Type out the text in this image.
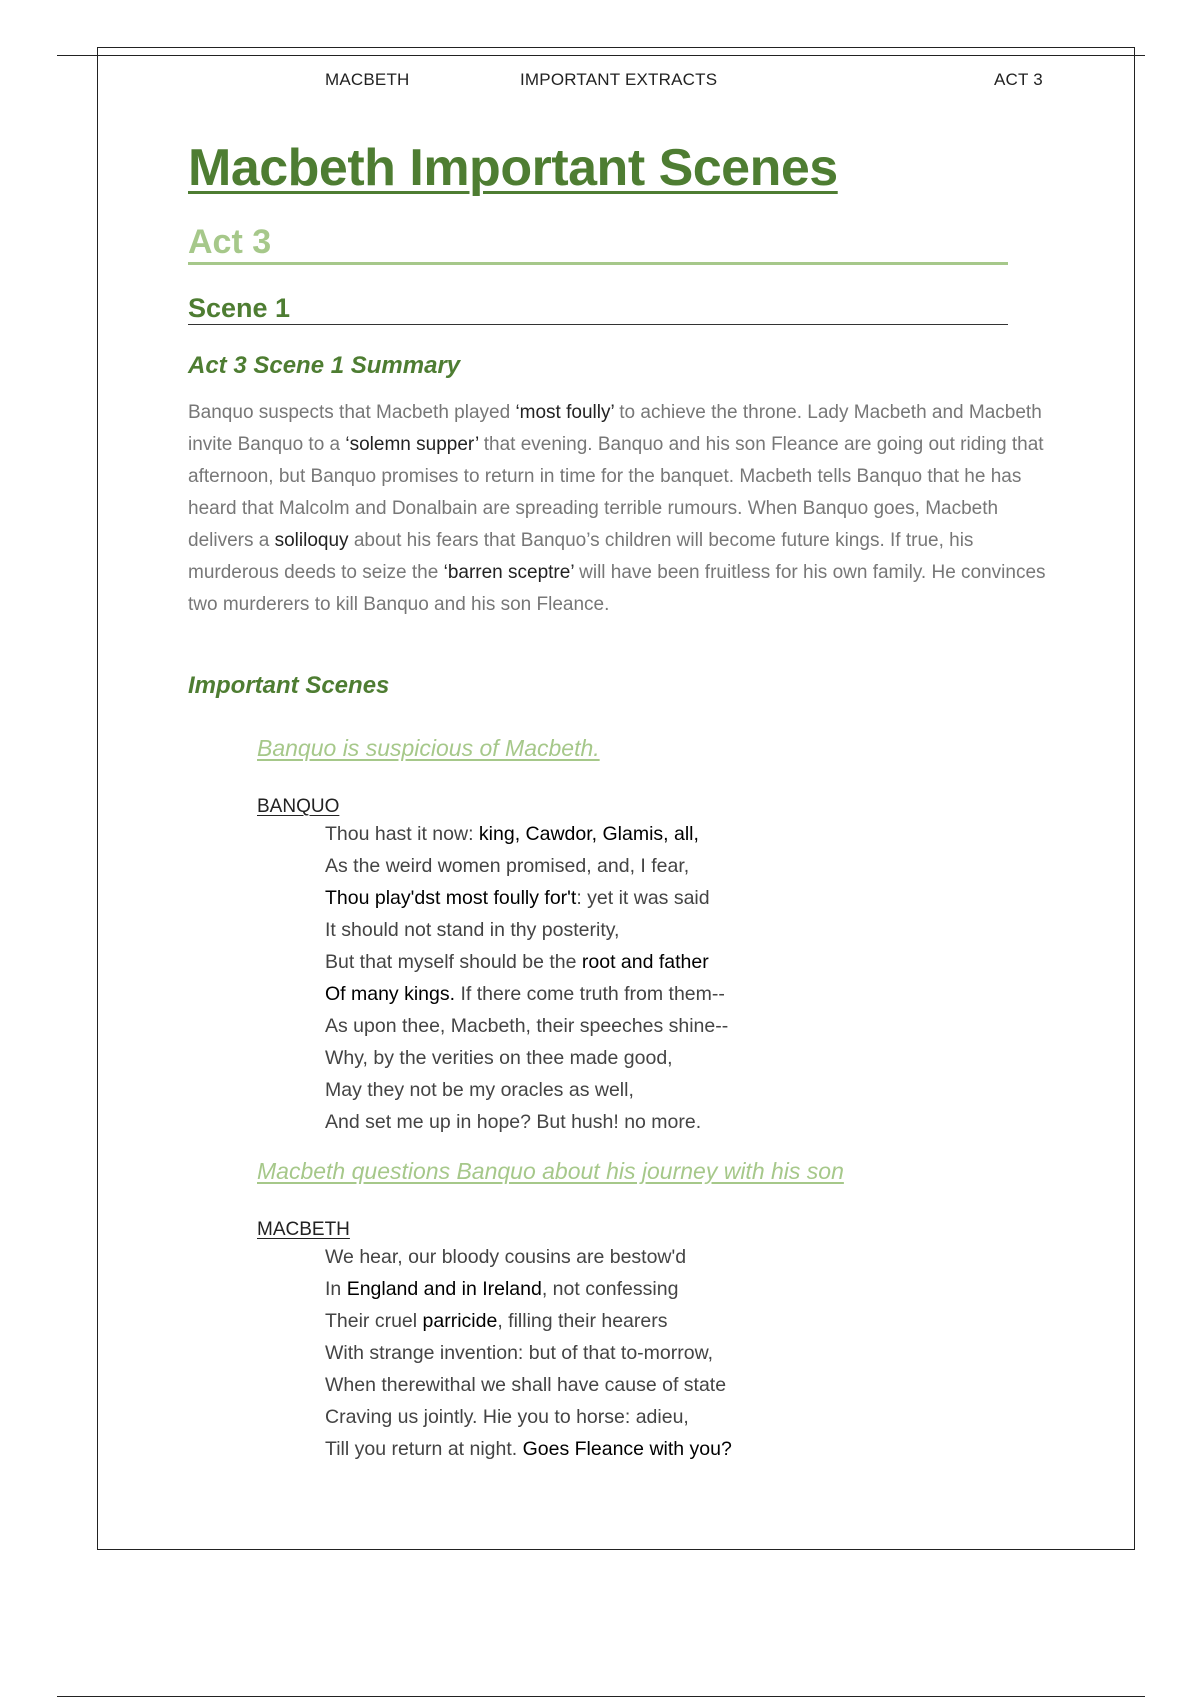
MACBETH	IMPORTANT EXTRACTS	ACT 3
Macbeth Important Scenes
Act 3
Scene 1
Act 3 Scene 1 Summary

Banquo suspects that Macbeth played ‘most foully’ to achieve the throne. Lady Macbeth and Macbeth invite Banquo to a ‘solemn supper’ that evening. Banquo and his son Fleance are going out riding that afternoon, but Banquo promises to return in time for the banquet. Macbeth tells Banquo that he has heard that Malcolm and Donalbain are spreading terrible rumours. When Banquo goes, Macbeth delivers a soliloquy about his fears that Banquo’s children will become future kings. If true, his murderous deeds to seize the ‘barren sceptre’ will have been fruitless for his own family. He convinces two murderers to kill Banquo and his son Fleance.

Important Scenes
Banquo is suspicious of Macbeth.
BANQUO
Thou hast it now: king, Cawdor, Glamis, all,
As the weird women promised, and, I fear,
Thou play'dst most foully for't: yet it was said
It should not stand in thy posterity,
But that myself should be the root and father
Of many kings. If there come truth from them--
As upon thee, Macbeth, their speeches shine--
Why, by the verities on thee made good,
May they not be my oracles as well,
And set me up in hope? But hush! no more.
Macbeth questions Banquo about his journey with his son
MACBETH
We hear, our bloody cousins are bestow'd
In England and in Ireland, not confessing
Their cruel parricide, filling their hearers
With strange invention: but of that to-morrow,
When therewithal we shall have cause of state
Craving us jointly. Hie you to horse: adieu,
Till you return at night. Goes Fleance with you?
